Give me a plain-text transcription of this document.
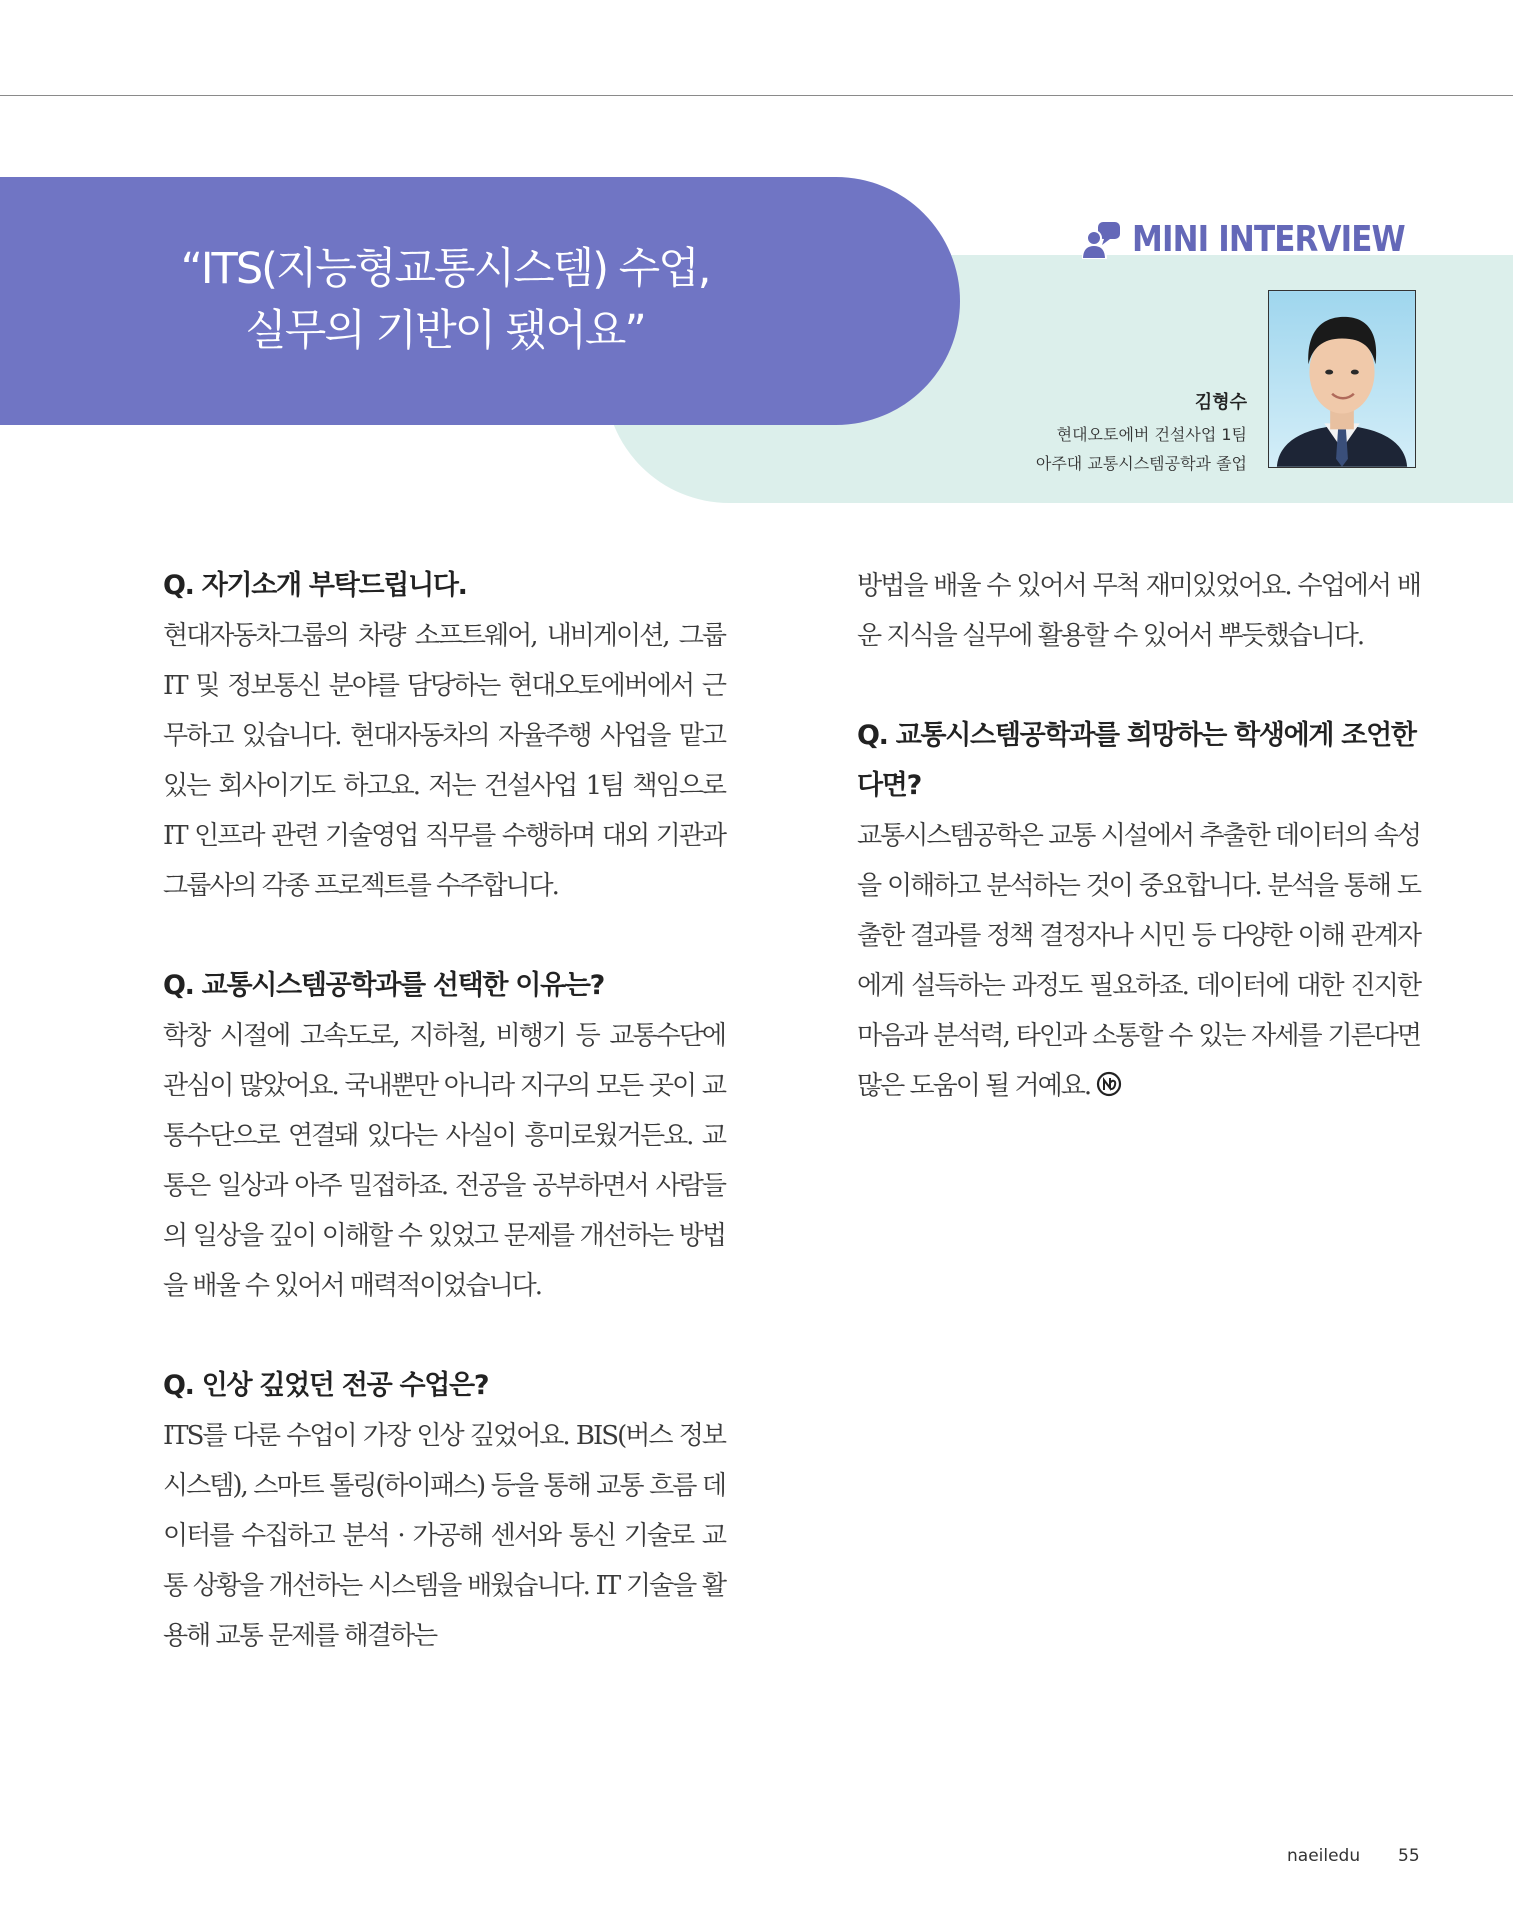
“ITS(지능형교통시스템) 수업,
실무의 기반이 됐어요”
MINI INTERVIEW
김형수
현대오토에버 건설사업 1팀
아주대 교통시스템공학과 졸업

Q. 자기소개 부탁드립니다.

현대자동차그룹의 차량 소프트웨어, 내비게이션, 그룹 IT 및 정보통신 분야를 담당하는 현대오토에버에서 근무하고 있습니다. 현대자동차의 자율주행 사업을 맡고 있는 회사이기도 하고요. 저는 건설사업 1팀 책임으로 IT 인프라 관련 기술영업 직무를 수행하며 대외 기관과 그룹사의 각종 프로젝트를 수주합니다.

Q. 교통시스템공학과를 선택한 이유는?

학창 시절에 고속도로, 지하철, 비행기 등 교통수단에 관심이 많았어요. 국내뿐만 아니라 지구의 모든 곳이 교통수단으로 연결돼 있다는 사실이 흥미로웠거든요. 교통은 일상과 아주 밀접하죠. 전공을 공부하면서 사람들의 일상을 깊이 이해할 수 있었고 문제를 개선하는 방법을 배울 수 있어서 매력적이었습니다.

Q. 인상 깊었던 전공 수업은?

ITS를 다룬 수업이 가장 인상 깊었어요. BIS(버스 정보 시스템), 스마트 톨링(하이패스) 등을 통해 교통 흐름 데이터를 수집하고 분석 · 가공해 센서와 통신 기술로 교통 상황을 개선하는 시스템을 배웠습니다. IT 기술을 활용해 교통 문제를 해결하는

방법을 배울 수 있어서 무척 재미있었어요. 수업에서 배운 지식을 실무에 활용할 수 있어서 뿌듯했습니다.

Q. 교통시스템공학과를 희망하는 학생에게 조언한다면?

교통시스템공학은 교통 시설에서 추출한 데이터의 속성을 이해하고 분석하는 것이 중요합니다. 분석을 통해 도출한 결과를 정책 결정자나 시민 등 다양한 이해 관계자에게 설득하는 과정도 필요하죠. 데이터에 대한 진지한 마음과 분석력, 타인과 소통할 수 있는 자세를 기른다면 많은 도움이 될 거예요.

naeiledu 55
